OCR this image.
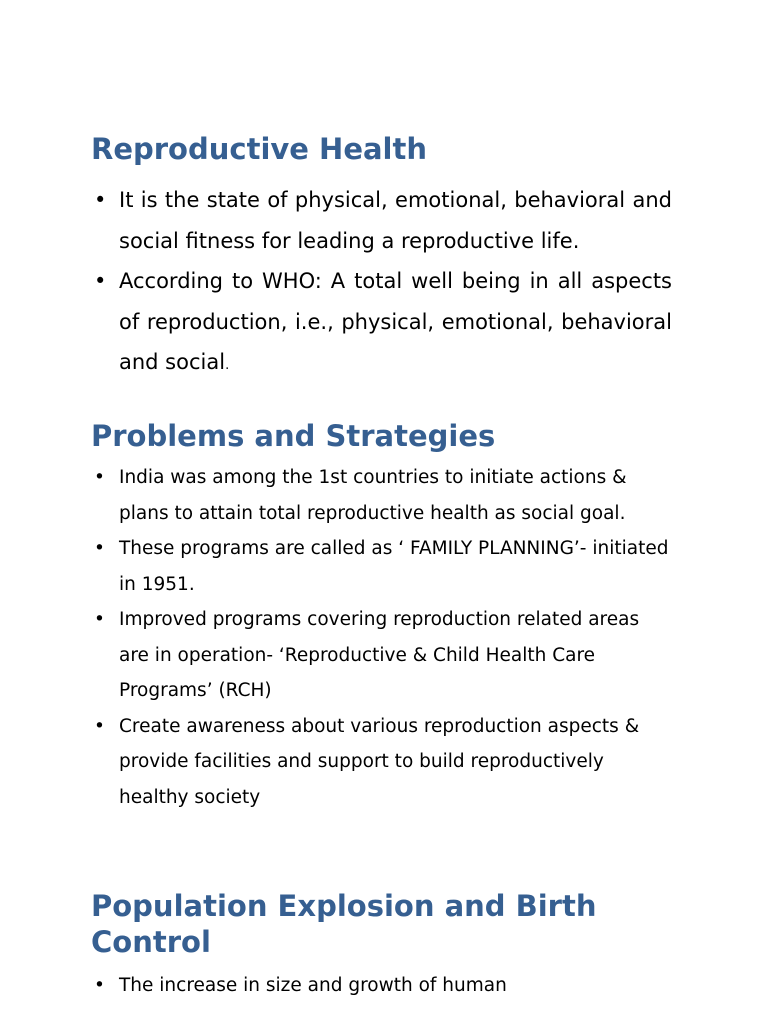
Reproductive Health
• It is the state of physical, emotional, behavioral and social fitness for leading a reproductive life.
• According to WHO: A total well being in all aspects of reproduction, i.e., physical, emotional, behavioral and social.
Problems and Strategies
• India was among the 1st countries to initiate actions & plans to attain total reproductive health as social goal.
• These programs are called as ‘ FAMILY PLANNING’- initiated in 1951.
• Improved programs covering reproduction related areas are in operation- ‘Reproductive & Child Health Care Programs’ (RCH)
• Create awareness about various reproduction aspects & provide facilities and support to build reproductively healthy society
Population Explosion and Birth
Control
• The increase in size and growth of human
